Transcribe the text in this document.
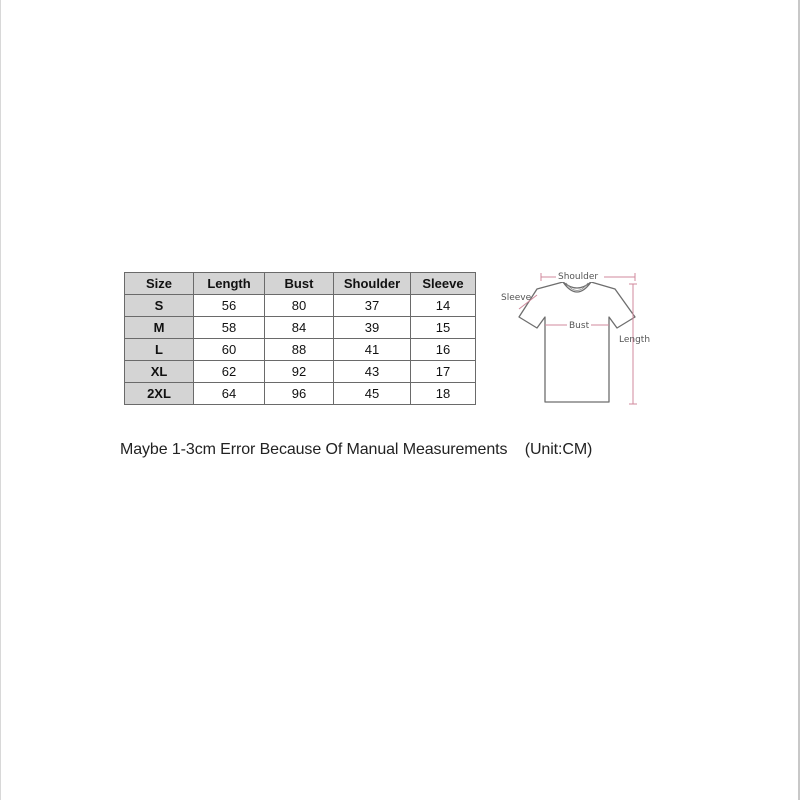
Size	Length	Bust	Shoulder	Sleeve
S	56	80	37	14
M	58	84	39	15
L	60	88	41	16
XL	62	92	43	17
2XL	64	96	45	18
Shoulder
Sleeve
Bust
Length
Maybe 1-3cm Error Because Of Manual Measurements    (Unit:CM)
